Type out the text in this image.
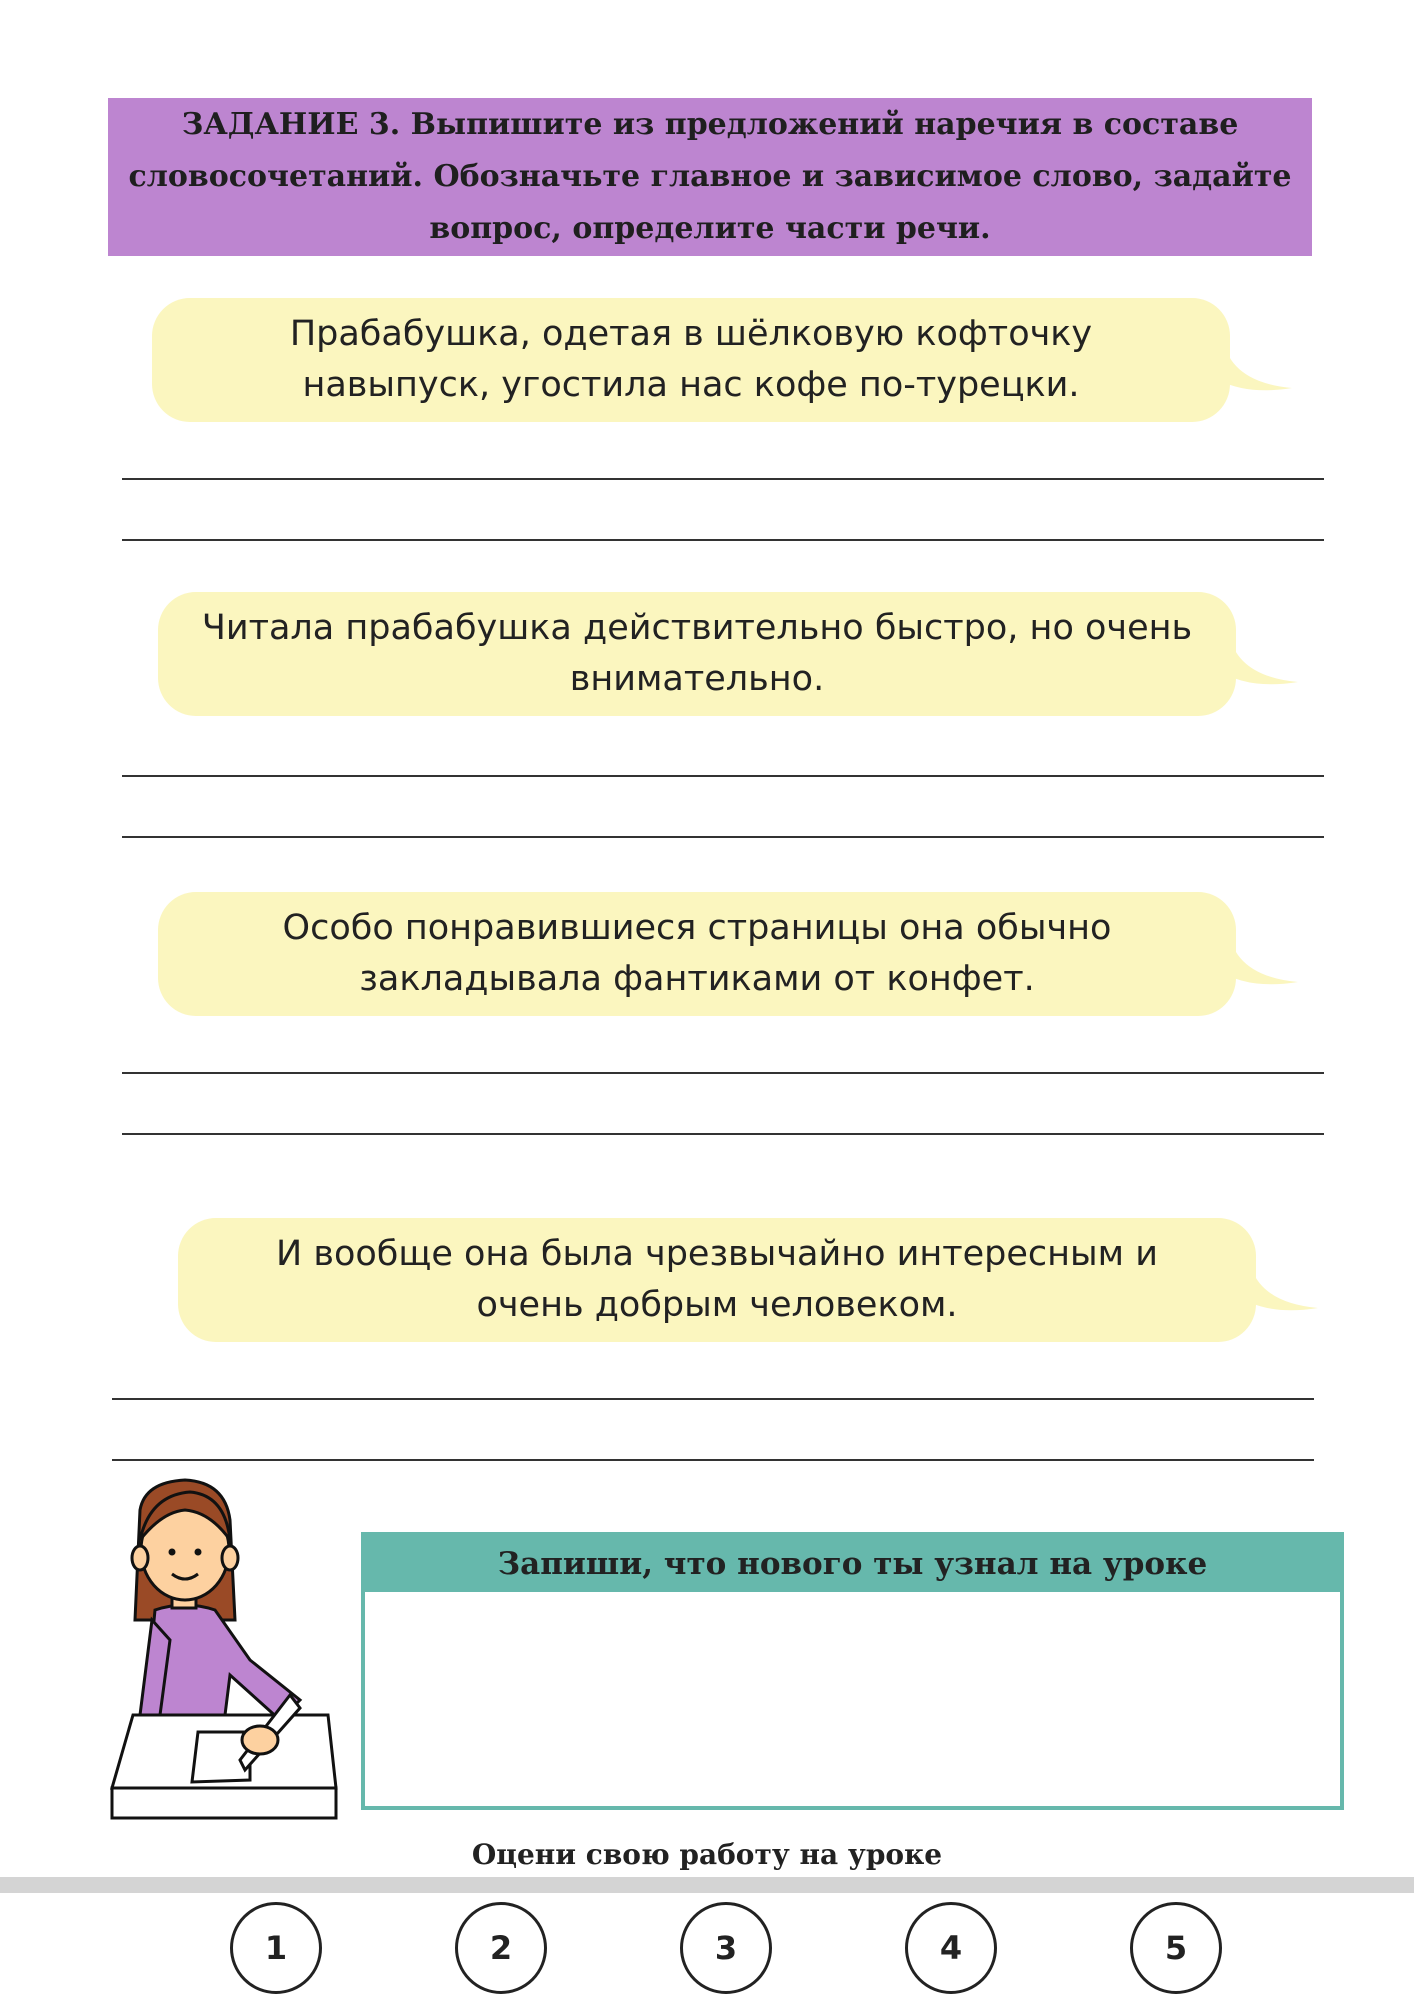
ЗАДАНИЕ 3. Выпишите из предложений наречия в составе словосочетаний. Обозначьте главное и зависимое слово, задайте вопрос, определите части речи.
Прабабушка, одетая в шёлковую кофточку навыпуск, угостила нас кофе по-турецки.
Читала прабабушка действительно быстро, но очень внимательно.
Особо понравившиеся страницы она обычно закладывала фантиками от конфет.
И вообще она была чрезвычайно интересным и очень добрым человеком.
Запиши, что нового ты узнал на уроке
Оцени свою работу на уроке
1	2	3	4	5
